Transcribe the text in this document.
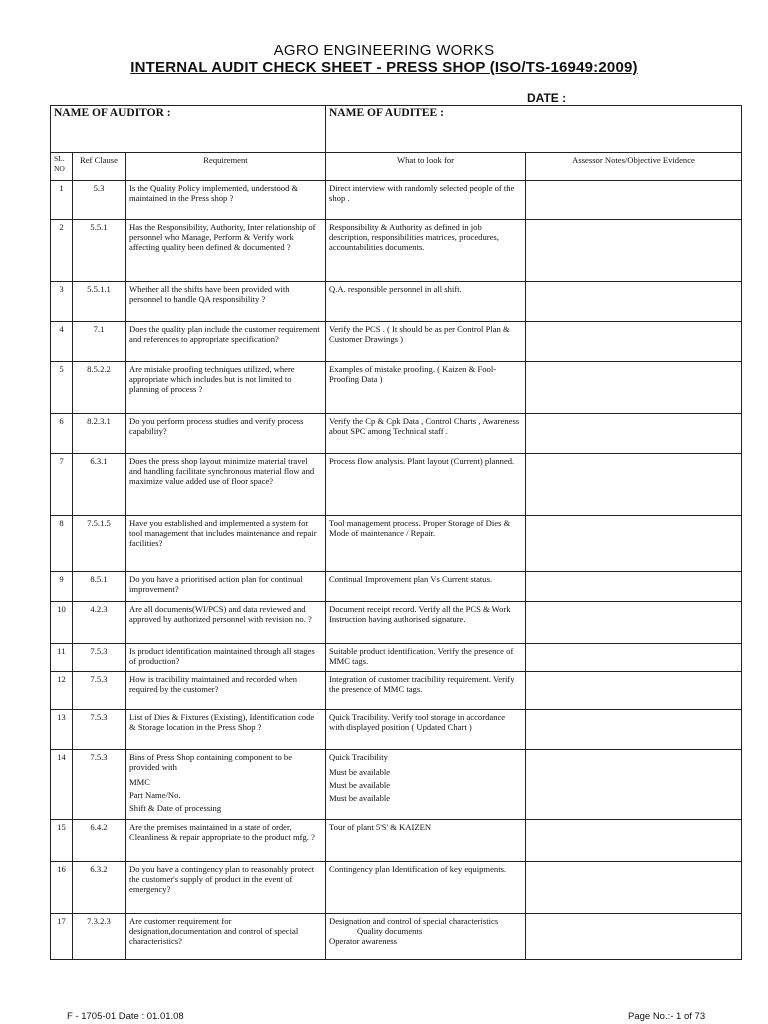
AGRO ENGINEERING WORKS
INTERNAL AUDIT CHECK SHEET - PRESS SHOP (ISO/TS-16949:2009)
DATE :
NAME OF AUDITOR :			NAME OF AUDITEE :	
SL. NO	Ref Clause	Requirement	What to look for	Assessor Notes/Objective Evidence
1	5.3	Is the Quality Policy implemented, understood & maintained in the Press shop ?	Direct interview with randomly selected people of the shop .	
2	5.5.1	Has the Responsibility, Authority, Inter relationship of personnel who Manage, Perform & Verify work affecting quality been defined & documented ?	Responsibility & Authority as defined in job description, responsibilities matrices, procedures, accountabilities documents.	
3	5.5.1.1	Whether all the shifts have been provided with personnel to handle QA responsibility ?	Q.A. responsible personnel in all shift.	
4	7.1	Does the quality plan include the customer requirement and references to appropriate specification?	Verify the PCS . ( It should be as per Control Plan & Customer Drawings )	
5	8.5.2.2	Are mistake proofing techniques utilized, where appropriate which includes but is not limited to planning of process ?	Examples of mistake proofing. ( Kaizen & Fool-Proofing Data )	
6	8.2.3.1	Do you perform process studies and verify process capability?	Verify the Cp & Cpk Data , Control Charts , Awareness about SPC among Technical staff .	
7	6.3.1	Does the press shop layout minimize material travel and handling facilitate synchronous material flow and maximize value added use of floor space?	Process flow analysis. Plant layout (Current) planned.	
8	7.5.1.5	Have you established and implemented a system for tool management that includes maintenance and repair facilities?	Tool management process. Proper Storage of Dies & Mode of maintenance / Repair.	
9	8.5.1	Do you have a prioritised action plan for continual improvement?	Continual Improvement plan Vs Current status.	
10	4.2.3	Are all documents(WI/PCS) and data reviewed and approved by authorized personnel with revision no. ?	Document receipt record. Verify all the PCS & Work Instruction having authorised signature.	
11	7.5.3	Is product identification maintained through all stages of production?	Suitable product identification. Verify the presence of MMC tags.	
12	7.5.3	How is tracibility maintained and recorded when required by the customer?	Integration of customer tracibility requirement. Verify the presence of MMC tags.	
13	7.5.3	List of Dies & Fixtures (Existing), Identification code & Storage location in the Press Shop ?	Quick Tracibility. Verify tool storage in accordance with displayed position ( Updated Chart )	
14	7.5.3	Bins of Press Shop containing component to be provided with
MMC
Part Name/No.
Shift & Date of processing	Quick Tracibility
Must be available
Must be available
Must be available	

15	6.4.2	Are the premises maintained in a state of order, Cleanliness & repair appropriate to the product mfg. ?	Tour of plant 5'S' & KAIZEN	
16	6.3.2	Do you have a contingency plan to reasonably protect the customer's supply of product in the event of emergency?	Contingency plan Identification of key equipments.	
17	7.3.2.3	Are customer requirement for designation,documentation and control of special characteristics?	Designation and control of special characteristics
Quality documents
Operator awareness	

F - 1705-01 Date : 01.01.08	Page No.:- 1 of 73
